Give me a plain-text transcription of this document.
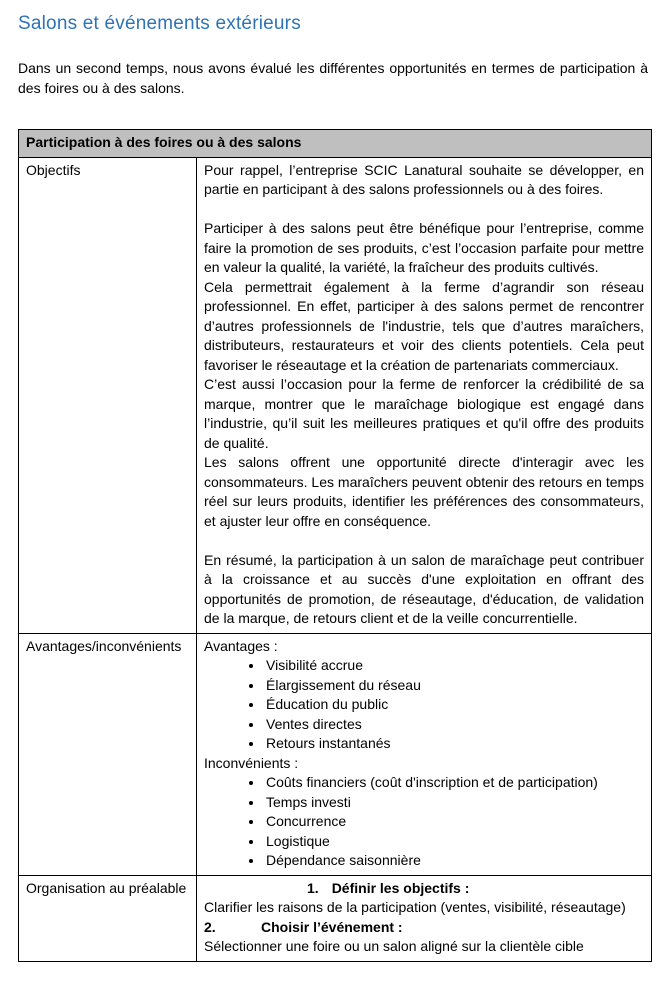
Salons et événements extérieurs

Dans un second temps, nous avons évalué les différentes opportunités en termes de participation à des foires ou à des salons.

Participation à des foires ou à des salons	
Objectifs	Pour rappel, l’entreprise SCIC Lanatural souhaite se développer, en partie en participant à des salons professionnels ou à des foires.

Participer à des salons peut être bénéfique pour l’entreprise, comme faire la promotion de ses produits, c’est l’occasion parfaite pour mettre en valeur la qualité, la variété, la fraîcheur des produits cultivés.

Cela permettrait également à la ferme d’agrandir son réseau professionnel. En effet, participer à des salons permet de rencontrer d’autres professionnels de l'industrie, tels que d’autres maraîchers, distributeurs, restaurateurs et voir des clients potentiels. Cela peut favoriser le réseautage et la création de partenariats commerciaux.

C’est aussi l’occasion pour la ferme de renforcer la crédibilité de sa marque, montrer que le maraîchage biologique est engagé dans l’industrie, qu’il suit les meilleures pratiques et qu'il offre des produits de qualité.

Les salons offrent une opportunité directe d'interagir avec les consommateurs. Les maraîchers peuvent obtenir des retours en temps réel sur leurs produits, identifier les préférences des consommateurs, et ajuster leur offre en conséquence.

En résumé, la participation à un salon de maraîchage peut contribuer à la croissance et au succès d'une exploitation en offrant des opportunités de promotion, de réseautage, d'éducation, de validation de la marque, de retours client et de la veille concurrentielle.

Avantages/inconvénients	Avantages :
• Visibilité accrue
• Élargissement du réseau
• Éducation du public
• Ventes directes
• Retours instantanés
Inconvénients :
• Coûts financiers (coût d'inscription et de participation)
• Temps investi
• Concurrence
• Logistique
• Dépendance saisonnière

Organisation au préalable	1. Définir les objectifs :
Clarifier les raisons de la participation (ventes, visibilité, réseautage)
2. Choisir l’événement :
Sélectionner une foire ou un salon aligné sur la clientèle cible
